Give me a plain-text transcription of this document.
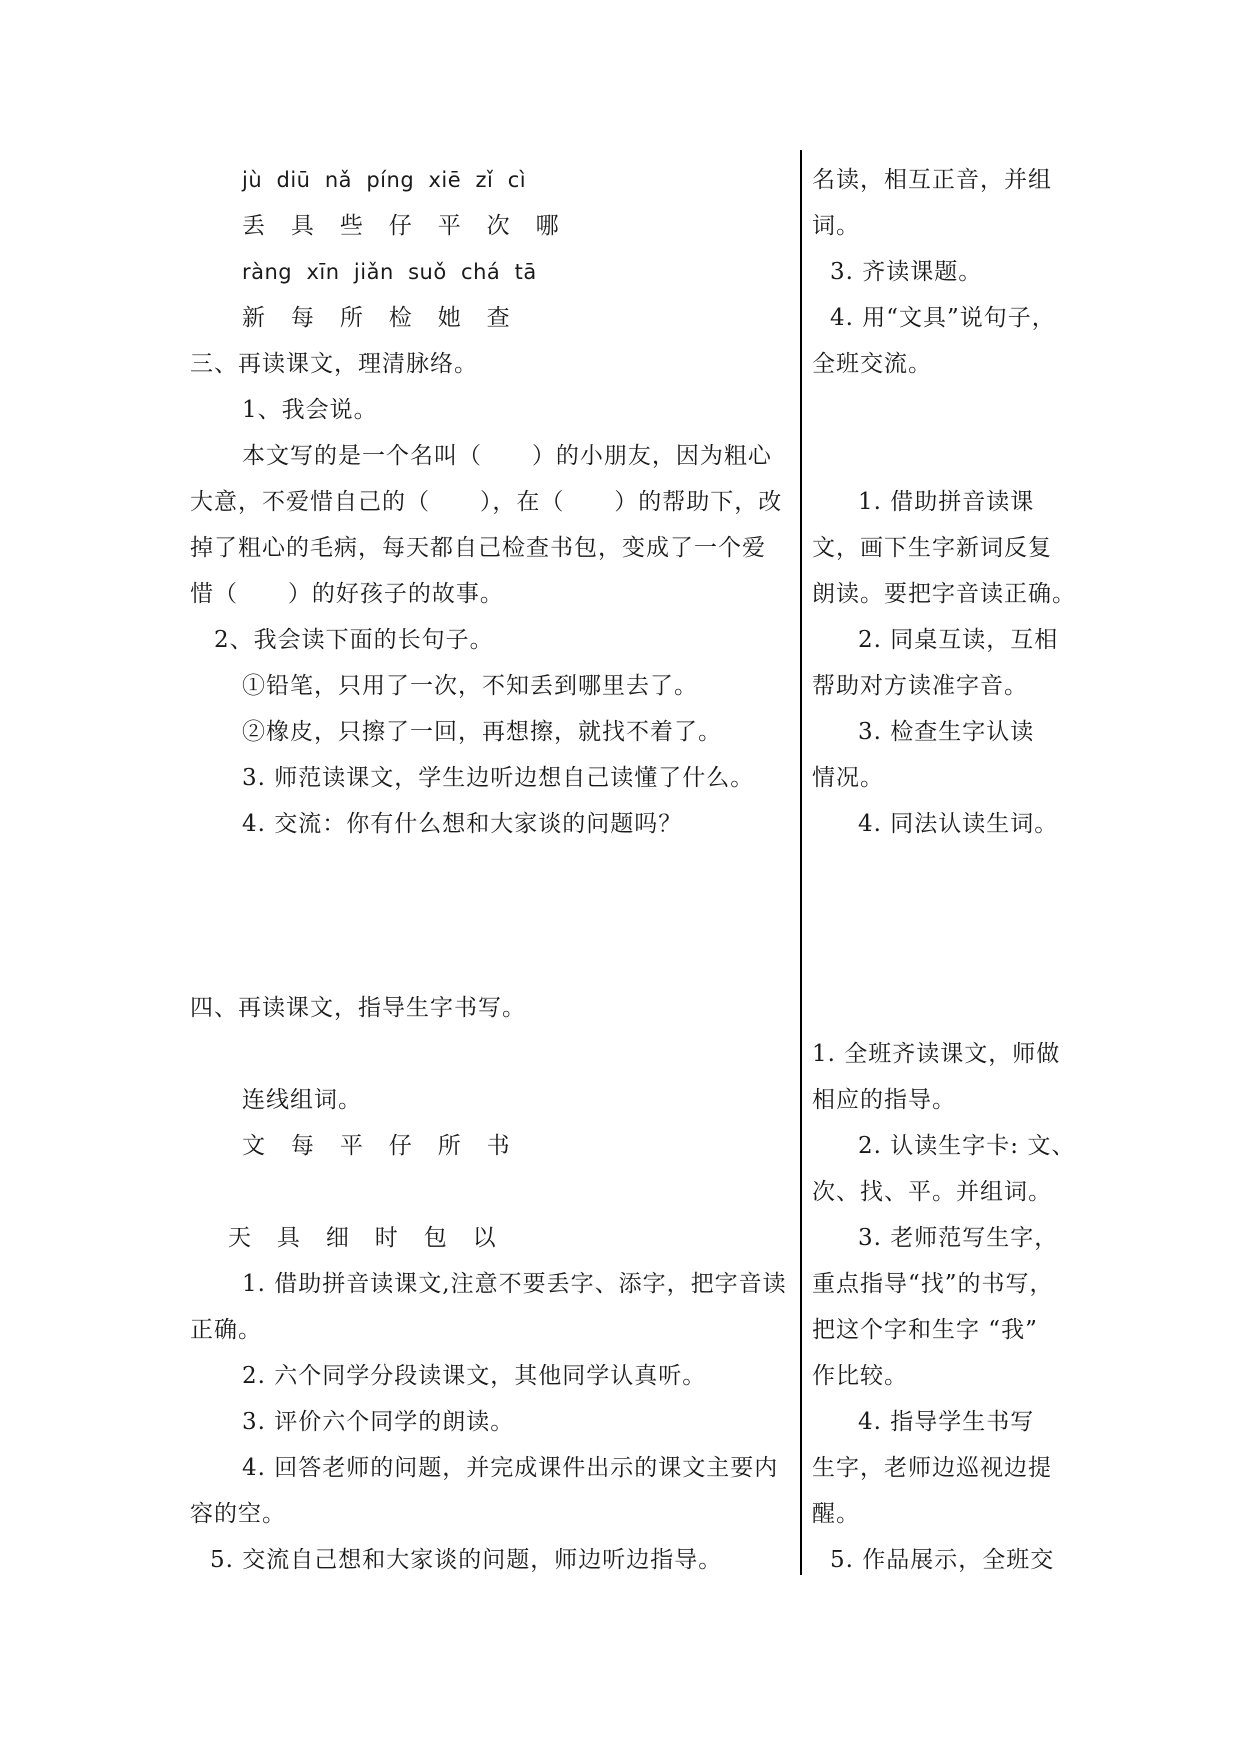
jù  diū  nǎ  píng  xiē  zǐ  cì
丢   具   些   仔   平   次   哪
ràng  xīn  jiǎn  suǒ  chá  tā
新   每   所   检   她   查
三、再读课文，理清脉络。
1、我会说。
本文写的是一个名叫（      ）的小朋友，因为粗心
大意，不爱惜自己的（      ），在（      ）的帮助下，改
掉了粗心的毛病，每天都自己检查书包，变成了一个爱
惜（      ）的好孩子的故事。
2、我会读下面的长句子。
①铅笔，只用了一次，不知丢到哪里去了。
②橡皮，只擦了一回，再想擦，就找不着了。
3. 师范读课文，学生边听边想自己读懂了什么。
4. 交流：你有什么想和大家谈的问题吗？
四、再读课文，指导生字书写。
连线组词。
文   每   平   仔   所   书
天   具   细   时   包   以
1. 借助拼音读课文,注意不要丢字、添字，把字音读
正确。
2. 六个同学分段读课文，其他同学认真听。
3. 评价六个同学的朗读。
4. 回答老师的问题，并完成课件出示的课文主要内
容的空。
5. 交流自己想和大家谈的问题，师边听边指导。
名读，相互正音，并组
词。
3. 齐读课题。
4. 用“文具”说句子，
全班交流。
1. 借助拼音读课
文，画下生字新词反复
朗读。要把字音读正确。
2. 同桌互读，互相
帮助对方读准字音。
3. 检查生字认读
情况。
4. 同法认读生词。
1. 全班齐读课文，师做
相应的指导。
2. 认读生字卡: 文、
次、找、平。并组词。
3. 老师范写生字，
重点指导“找”的书写，
把这个字和生字 “我”
作比较。
4. 指导学生书写
生字，老师边巡视边提
醒。
5. 作品展示，全班交
